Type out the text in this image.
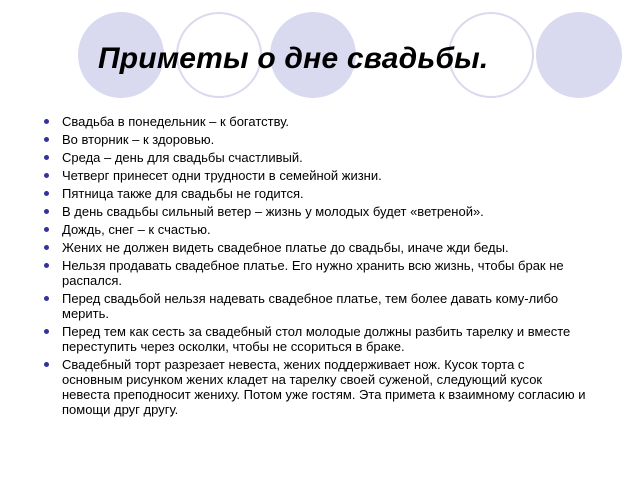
Приметы о дне свадьбы.
Свадьба в понедельник – к богатству.
Во вторник – к здоровью.
Среда – день для свадьбы счастливый.
Четверг принесет одни трудности в семейной жизни.
Пятница также для свадьбы не годится.
В день свадьбы сильный ветер – жизнь у молодых будет «ветреной».
Дождь, снег – к счастью.
Жених не должен видеть свадебное платье до свадьбы, иначе жди беды.
Нельзя продавать свадебное платье. Его нужно хранить всю жизнь, чтобы брак не распался.
Перед свадьбой нельзя надевать свадебное платье, тем более давать кому-либо мерить.
Перед тем как сесть за свадебный стол молодые должны разбить тарелку и вместе переступить через осколки, чтобы не ссориться в браке.
Свадебный торт разрезает невеста, жених поддерживает нож. Кусок торта с основным рисунком жених кладет на тарелку своей суженой, следующий кусок невеста преподносит жениху. Потом уже гостям. Эта примета к взаимному согласию и помощи друг другу.
